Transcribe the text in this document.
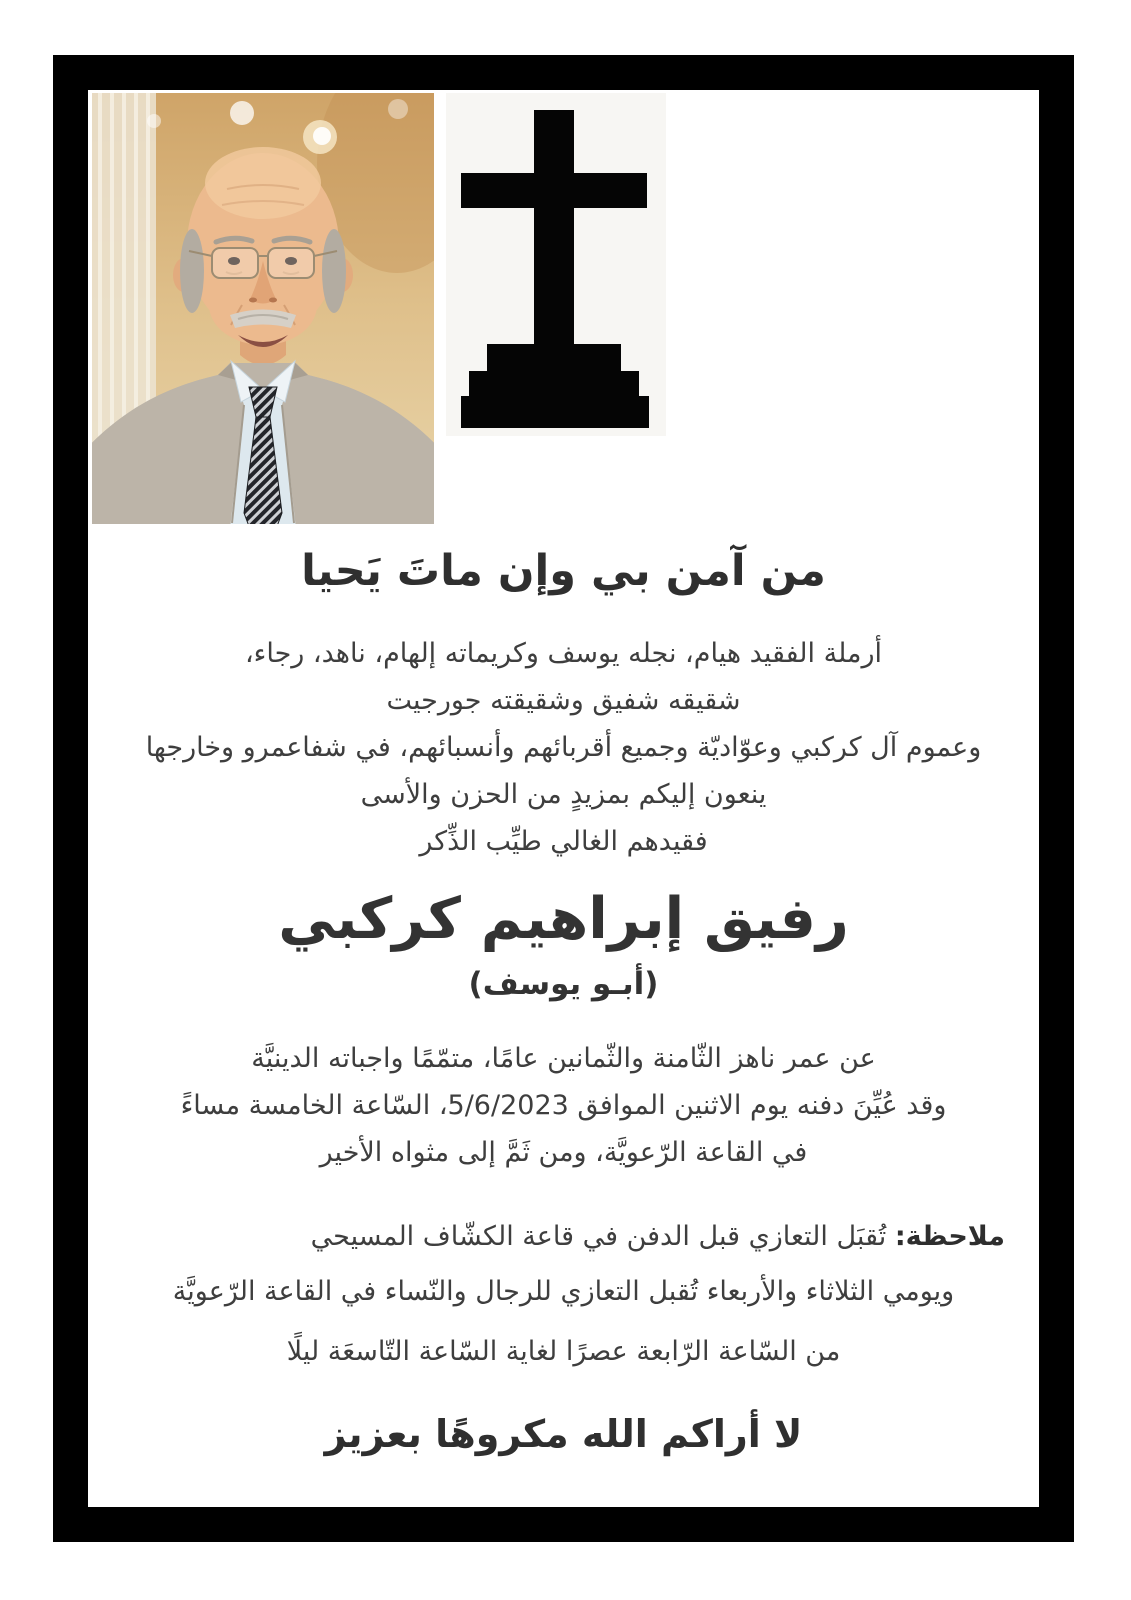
من آمن بي وإن ماتَ يَحيا
أرملة الفقيد هيام، نجله يوسف وكريماته إلهام، ناهد، رجاء،
شقيقه شفيق وشقيقته جورجيت
وعموم آل كركبي وعوّاديّة وجميع أقربائهم وأنسبائهم، في شفاعمرو وخارجها
ينعون إليكم بمزيدٍ من الحزن والأسى
فقيدهم الغالي طيِّب الذِّكر
رفيق إبراهيم كركبي
(أبـو يوسف)
عن عمر ناهز الثّامنة والثّمانين عامًا، متمّمًا واجباته الدينيَّة
وقد عُيِّنَ دفنه يوم الاثنين الموافق 5/6/2023، السّاعة الخامسة مساءً
في القاعة الرّعويَّة، ومن ثَمَّ إلى مثواه الأخير
ملاحظة: تُقبَل التعازي قبل الدفن في قاعة الكشّاف المسيحي
ويومي الثلاثاء والأربعاء تُقبل التعازي للرجال والنّساء في القاعة الرّعويَّة
من السّاعة الرّابعة عصرًا لغاية السّاعة التّاسعَة ليلًا
لا أراكم الله مكروهًا بعزيز
